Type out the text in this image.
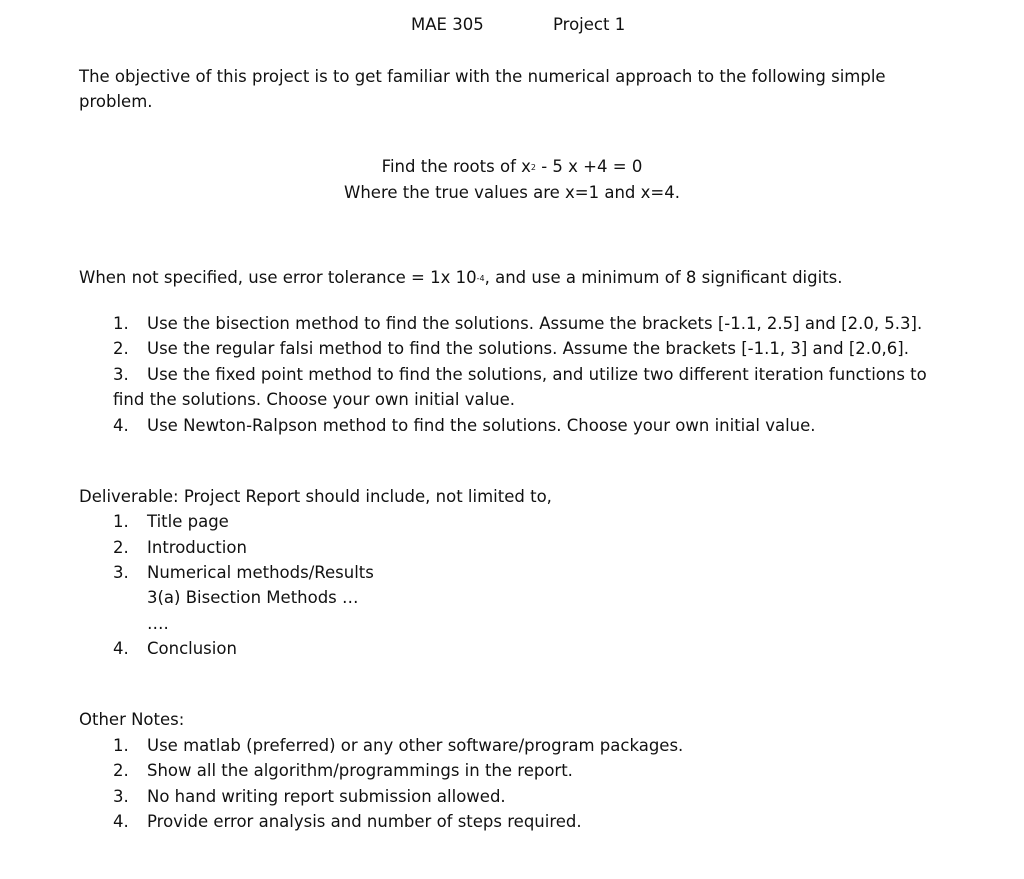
MAE 305	Project 1
The objective of this project is to get familiar with the numerical approach to the following simple
problem.
Find the roots of $x^2 - 5$ x +4 = 0
Where the true values are x=1 and x=4.
When not specified, use error tolerance = 1x $10^{-4}$, and use a minimum of 8 significant digits.
1. Use the bisection method to find the solutions. Assume the brackets [-1.1, 2.5] and [2.0, 5.3].
2. Use the regular falsi method to find the solutions. Assume the brackets [-1.1, 3] and [2.0,6].
3. Use the fixed point method to find the solutions, and utilize two different iteration functions to
find the solutions. Choose your own initial value.
4. Use Newton-Ralpson method to find the solutions. Choose your own initial value.
Deliverable: Project Report should include, not limited to,
1. Title page
2. Introduction
3. Numerical methods/Results
3(a) Bisection Methods …
….
4. Conclusion
Other Notes:
1. Use matlab (preferred) or any other software/program packages.
2. Show all the algorithm/programmings in the report.
3. No hand writing report submission allowed.
4. Provide error analysis and number of steps required.
